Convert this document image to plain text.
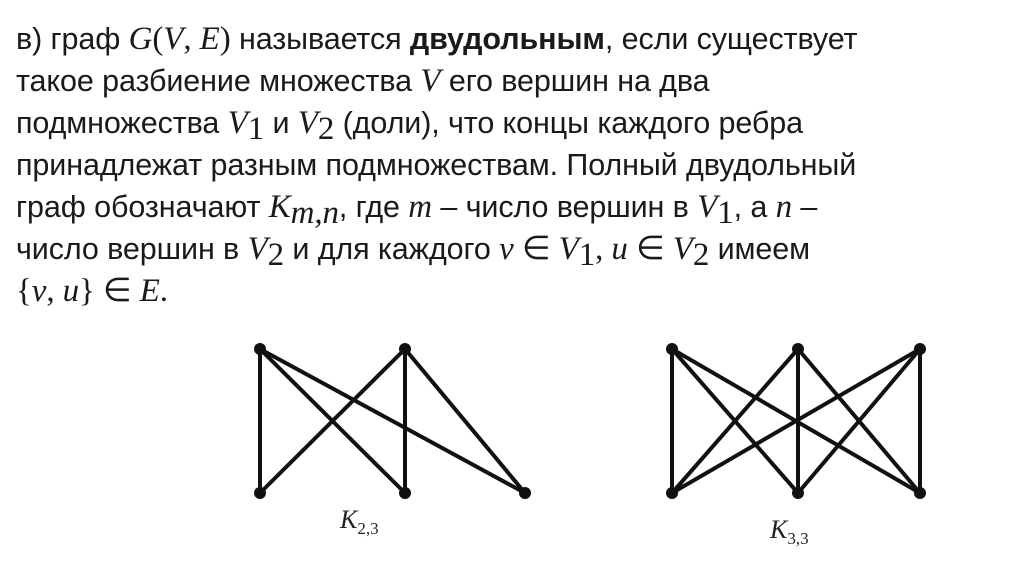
в) граф G(V, E) называется двудольным, если существует
такое разбиение множества V его вершин на два
подмножества $V_1$ и $V_2$ (доли), что концы каждого ребра
принадлежат разным подмножествам. Полный двудольный
граф обозначают $K_{m,n}$, где m – число вершин в $V_1$, а n –
число вершин в $V_2$ и для каждого v ∈ $V_1$, u ∈ $V_2$ имеем
{v, u} ∈ E.
$K_{2,3}$	$K_{3,3}$
